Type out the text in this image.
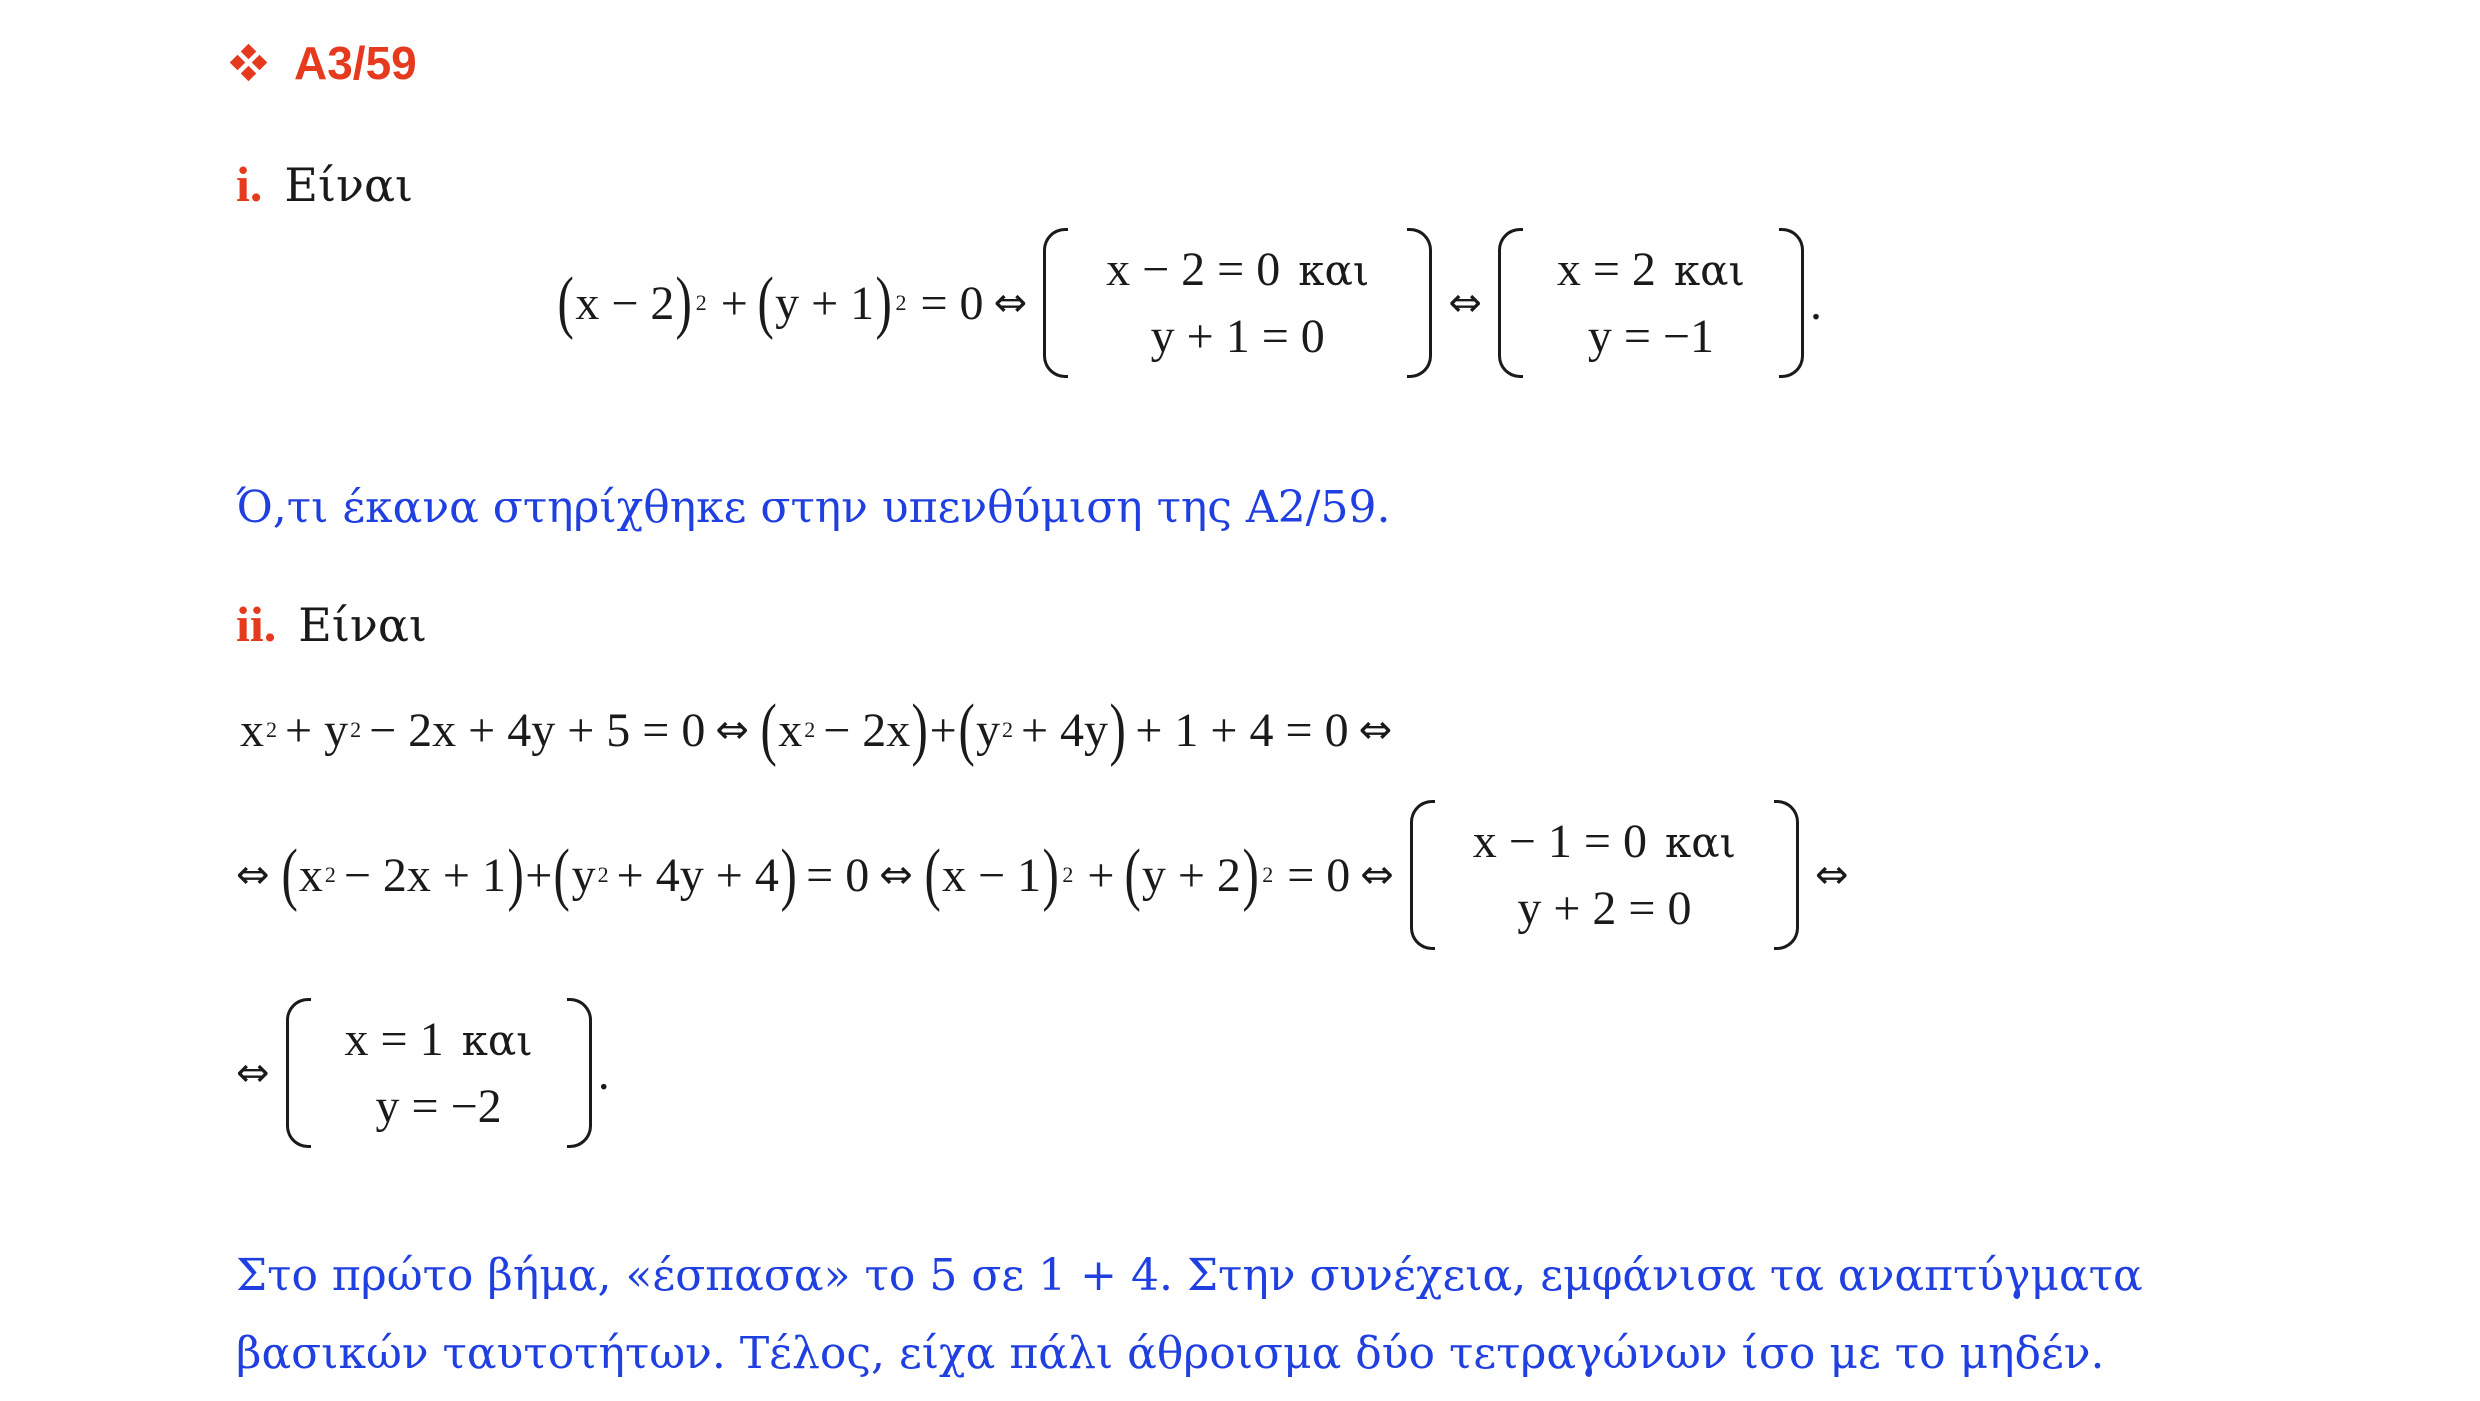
A3/59
i. Είναι
( x − 2 ) 2 + ( y + 1 ) 2 = 0 ⇔
x − 2 = 0 και
y + 1 = 0
⇔
x = 2 και
y = −1
.
Ό,τι έκανα στηρίχθηκε στην υπενθύμιση της Α2/59.
ii. Είναι
x 2 + y 2 − 2x + 4y + 5 = 0 ⇔ ( x 2 − 2x ) + ( y 2 + 4y ) + 1 + 4 = 0 ⇔
⇔ ( x 2 − 2x + 1 ) + ( y 2 + 4y + 4 ) = 0 ⇔ ( x − 1 ) 2 + ( y + 2 ) 2 = 0 ⇔
x − 1 = 0 και
y + 2 = 0
⇔
⇔
x = 1 και
y = −2
.
Στο πρώτο βήμα, «έσπασα» το 5 σε 1 + 4. Στην συνέχεια, εμφάνισα τα αναπτύγματα
βασικών ταυτοτήτων. Τέλος, είχα πάλι άθροισμα δύο τετραγώνων ίσο με το μηδέν.
